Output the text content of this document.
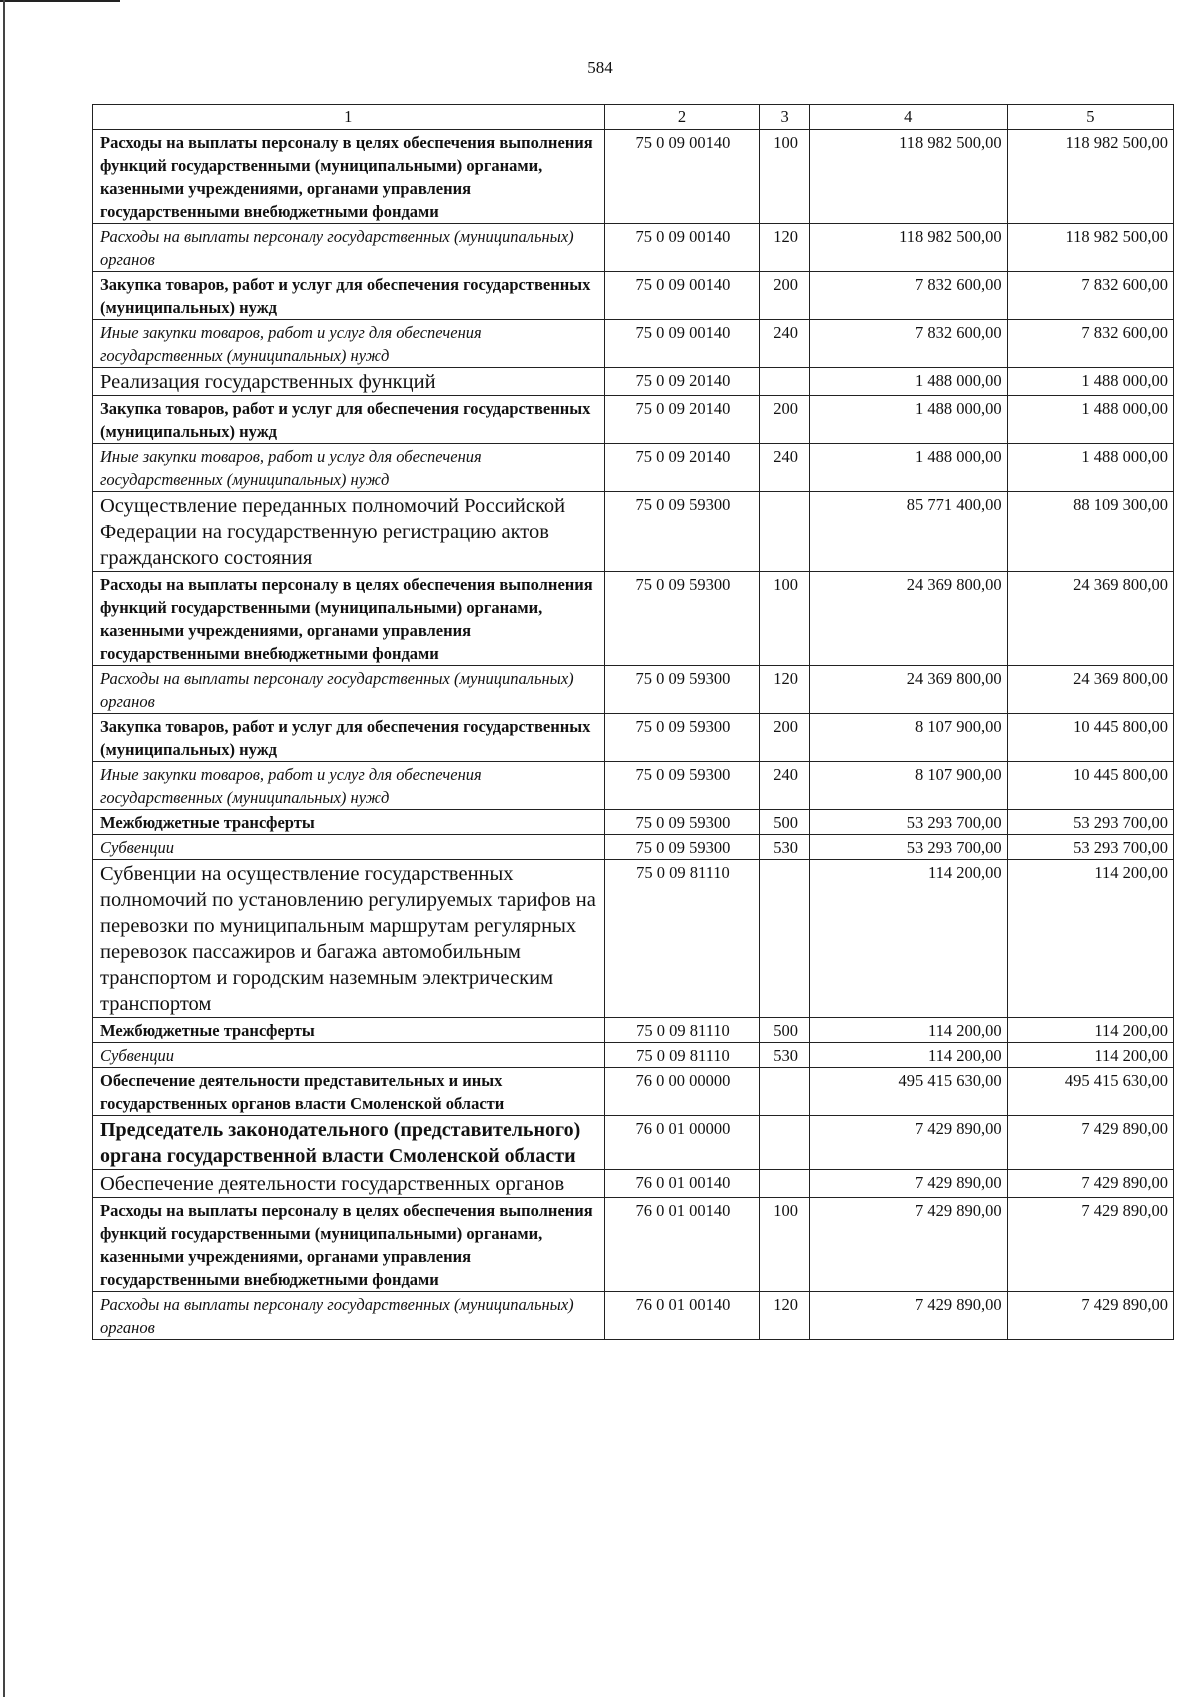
584
1	2	3	4	5
Расходы на выплаты персоналу в целях обеспечения выполнения функций государственными (муниципальными) органами, казенными учреждениями, органами управления государственными внебюджетными фондами	75 0 09 00140	100	118 982 500,00	118 982 500,00
Расходы на выплаты персоналу государственных (муниципальных) органов	75 0 09 00140	120	118 982 500,00	118 982 500,00
Закупка товаров, работ и услуг для обеспечения государственных (муниципальных) нужд	75 0 09 00140	200	7 832 600,00	7 832 600,00
Иные закупки товаров, работ и услуг для обеспечения государственных (муниципальных) нужд	75 0 09 00140	240	7 832 600,00	7 832 600,00
Реализация государственных функций	75 0 09 20140		1 488 000,00	1 488 000,00
Закупка товаров, работ и услуг для обеспечения государственных (муниципальных) нужд	75 0 09 20140	200	1 488 000,00	1 488 000,00
Иные закупки товаров, работ и услуг для обеспечения государственных (муниципальных) нужд	75 0 09 20140	240	1 488 000,00	1 488 000,00
Осуществление переданных полномочий Российской Федерации на государственную регистрацию актов гражданского состояния	75 0 09 59300		85 771 400,00	88 109 300,00
Расходы на выплаты персоналу в целях обеспечения выполнения функций государственными (муниципальными) органами, казенными учреждениями, органами управления государственными внебюджетными фондами	75 0 09 59300	100	24 369 800,00	24 369 800,00
Расходы на выплаты персоналу государственных (муниципальных) органов	75 0 09 59300	120	24 369 800,00	24 369 800,00
Закупка товаров, работ и услуг для обеспечения государственных (муниципальных) нужд	75 0 09 59300	200	8 107 900,00	10 445 800,00
Иные закупки товаров, работ и услуг для обеспечения государственных (муниципальных) нужд	75 0 09 59300	240	8 107 900,00	10 445 800,00
Межбюджетные трансферты	75 0 09 59300	500	53 293 700,00	53 293 700,00
Субвенции	75 0 09 59300	530	53 293 700,00	53 293 700,00
Субвенции на осуществление государственных полномочий по установлению регулируемых тарифов на перевозки по муниципальным маршрутам регулярных перевозок пассажиров и багажа автомобильным транспортом и городским наземным электрическим транспортом	75 0 09 81110		114 200,00	114 200,00
Межбюджетные трансферты	75 0 09 81110	500	114 200,00	114 200,00
Субвенции	75 0 09 81110	530	114 200,00	114 200,00
Обеспечение деятельности представительных и иных государственных органов власти Смоленской области	76 0 00 00000		495 415 630,00	495 415 630,00
Председатель законодательного (представительного) органа государственной власти Смоленской области	76 0 01 00000		7 429 890,00	7 429 890,00
Обеспечение деятельности государственных органов	76 0 01 00140		7 429 890,00	7 429 890,00
Расходы на выплаты персоналу в целях обеспечения выполнения функций государственными (муниципальными) органами, казенными учреждениями, органами управления государственными внебюджетными фондами	76 0 01 00140	100	7 429 890,00	7 429 890,00
Расходы на выплаты персоналу государственных (муниципальных) органов	76 0 01 00140	120	7 429 890,00	7 429 890,00
